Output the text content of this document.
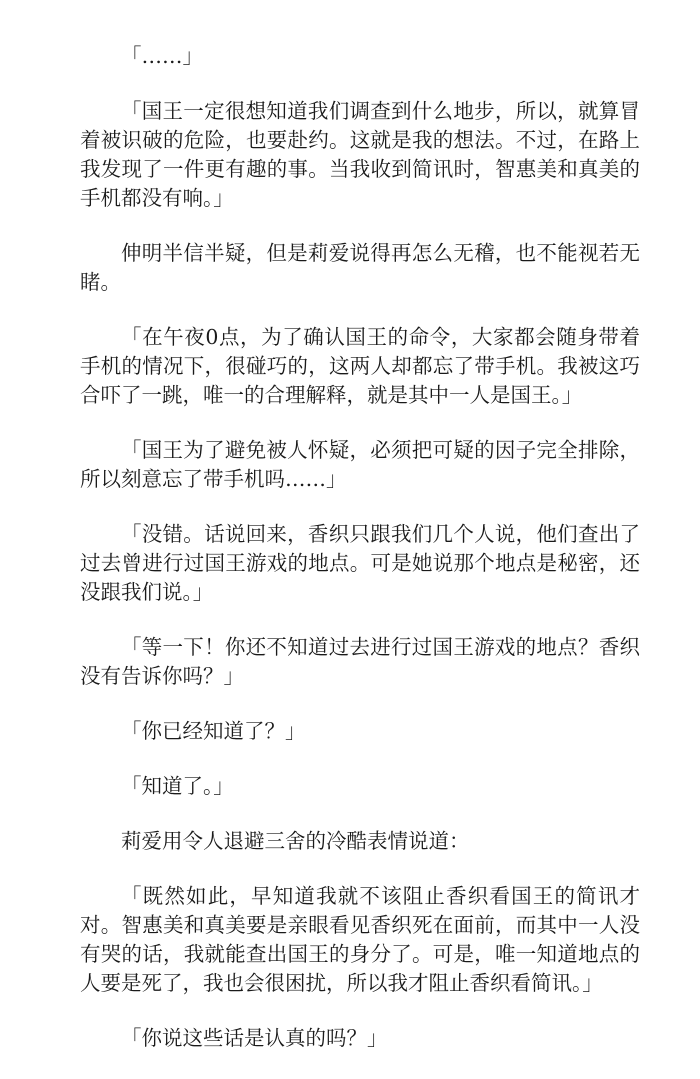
「……」

「国王一定很想知道我们调查到什么地步，所以，就算冒着被识破的危险，也要赴约。这就是我的想法。不过，在路上我发现了一件更有趣的事。当我收到简讯时，智惠美和真美的手机都没有响。」

伸明半信半疑，但是莉爱说得再怎么无稽，也不能视若无睹。

「在午夜0点，为了确认国王的命令，大家都会随身带着手机的情况下，很碰巧的，这两人却都忘了带手机。我被这巧合吓了一跳，唯一的合理解释，就是其中一人是国王。」

「国王为了避免被人怀疑，必须把可疑的因子完全排除，所以刻意忘了带手机吗……」

「没错。话说回来，香织只跟我们几个人说，他们查出了过去曾进行过国王游戏的地点。可是她说那个地点是秘密，还没跟我们说。」

「等一下！你还不知道过去进行过国王游戏的地点？香织没有告诉你吗？」

「你已经知道了？」

「知道了。」

莉爱用令人退避三舍的冷酷表情说道：

「既然如此，早知道我就不该阻止香织看国王的简讯才对。智惠美和真美要是亲眼看见香织死在面前，而其中一人没有哭的话，我就能查出国王的身分了。可是，唯一知道地点的人要是死了，我也会很困扰，所以我才阻止香织看简讯。」

「你说这些话是认真的吗？」
